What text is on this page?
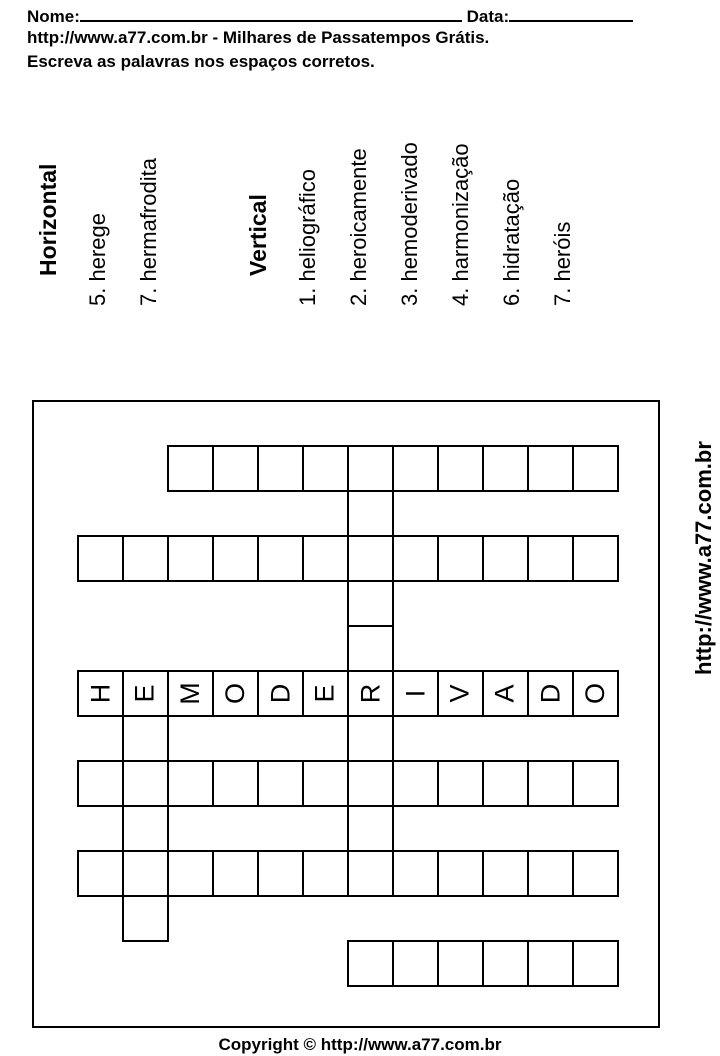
Nome:	Data:
http://www.a77.com.br - Milhares de Passatempos Grátis.
Escreva as palavras nos espaços corretos.
Horizontal 5. herege 7. hermafrodita	Vertical 1. heliográfico 2. heroicamente 3. hemoderivado 4. harmonização 6. hidratação 7. heróis
http://www.a77.com.br
H E M O D E R I V A D O
Copyright © http://www.a77.com.br
